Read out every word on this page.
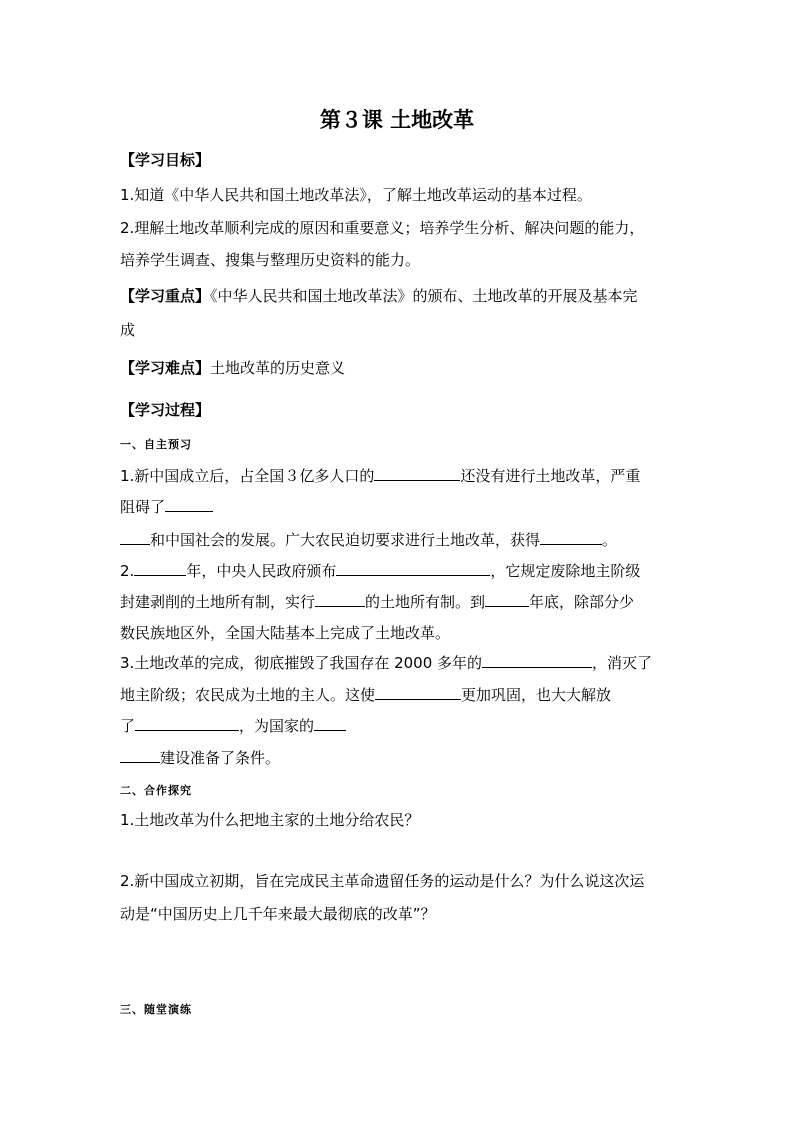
第３课 土地改革
【学习目标】
1.知道《中华人民共和国土地改革法》，了解土地改革运动的基本过程。
2.理解土地改革顺利完成的原因和重要意义；培养学生分析、解决问题的能力，
培养学生调查、搜集与整理历史资料的能力。
【学习重点】《中华人民共和国土地改革法》的颁布、土地改革的开展及基本完
成
【学习难点】土地改革的历史意义
【学习过程】
一、自主预习
1.新中国成立后，占全国３亿多人口的	还没有进行土地改革，严重
阻碍了
和中国社会的发展。广大农民迫切要求进行土地改革，获得	。
2.	年，中央人民政府颁布	，它规定废除地主阶级
封建剥削的土地所有制，实行	的土地所有制。到	年底，除部分少
数民族地区外，全国大陆基本上完成了土地改革。
3.土地改革的完成，彻底摧毁了我国存在 2000 多年的	，消灭了
地主阶级；农民成为土地的主人。这使	更加巩固，也大大解放
了	，为国家的
建设准备了条件。
二、合作探究
1.土地改革为什么把地主家的土地分给农民？
2.新中国成立初期，旨在完成民主革命遗留任务的运动是什么？为什么说这次运
动是“中国历史上几千年来最大最彻底的改革”？
三、随堂演练
